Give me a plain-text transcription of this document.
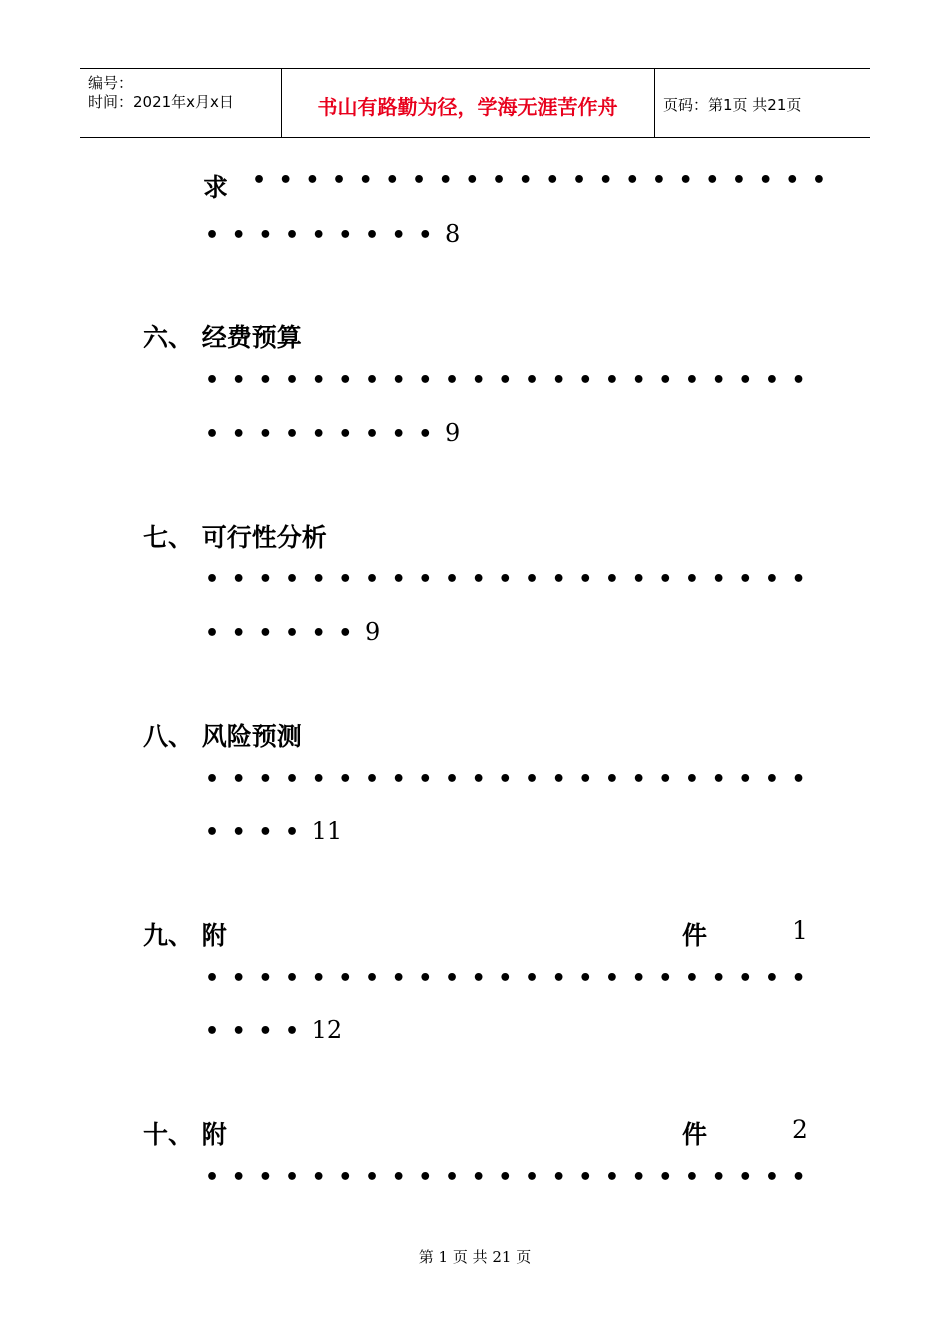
编号：
时间：2021年x月x日	书山有路勤为径，学海无涯苦作舟	页码：第1页 共21页
求 ••••••••••••••••••••••
•••••••••8
六、 经费预算
•••••••••••••••••••••••
•••••••••9
七、 可行性分析
•••••••••••••••••••••••
••••••9
八、 风险预测
•••••••••••••••••••••••
••••11
九、 附	件	1
•••••••••••••••••••••••
••••12
十、 附	件	2
•••••••••••••••••••••••
第 1 页 共 21 页
